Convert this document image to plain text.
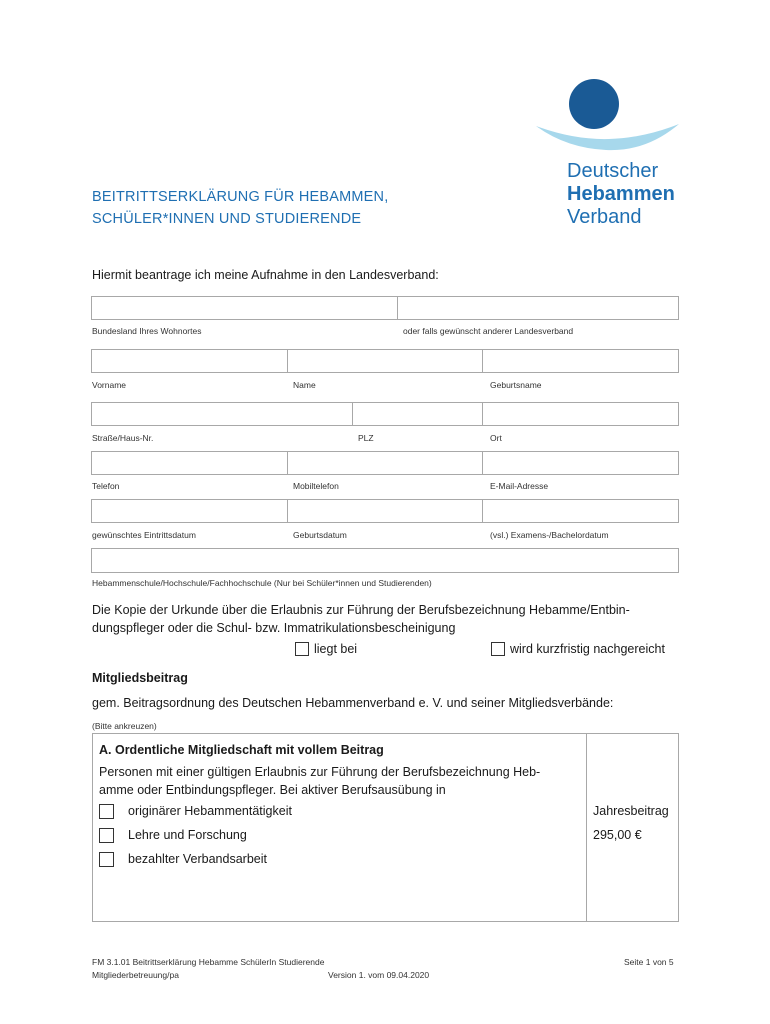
Deutscher
Hebammen
Verband
BEITRITTSERKLÄRUNG FÜR HEBAMMEN,
SCHÜLER*INNEN UND STUDIERENDE
Hiermit beantrage ich meine Aufnahme in den Landesverband:
Bundesland Ihres Wohnortes	oder falls gewünscht anderer Landesverband
Vorname	Name	Geburtsname
Straße/Haus-Nr.	PLZ	Ort
Telefon	Mobiltelefon	E-Mail-Adresse
gewünschtes Eintrittsdatum	Geburtsdatum	(vsl.) Examens-/Bachelordatum
Hebammenschule/Hochschule/Fachhochschule (Nur bei Schüler*innen und Studierenden)
Die Kopie der Urkunde über die Erlaubnis zur Führung der Berufsbezeichnung Hebamme/Entbin-
dungspfleger oder die Schul- bzw. Immatrikulationsbescheinigung
liegt bei	wird kurzfristig nachgereicht
Mitgliedsbeitrag
gem. Beitragsordnung des Deutschen Hebammenverband e. V. und seiner Mitgliedsverbände:
(Bitte ankreuzen)
A. Ordentliche Mitgliedschaft mit vollem Beitrag
Personen mit einer gültigen Erlaubnis zur Führung der Berufsbezeichnung Heb-
amme oder Entbindungspfleger. Bei aktiver Berufsausübung in
originärer Hebammentätigkeit
Lehre und Forschung
bezahlter Verbandsarbeit
Jahresbeitrag
295,00 €
FM 3.1.01 Beitrittserklärung Hebamme SchülerIn Studierende
Mitgliederbetreuung/pa	Version 1. vom 09.04.2020
Seite 1 von 5
